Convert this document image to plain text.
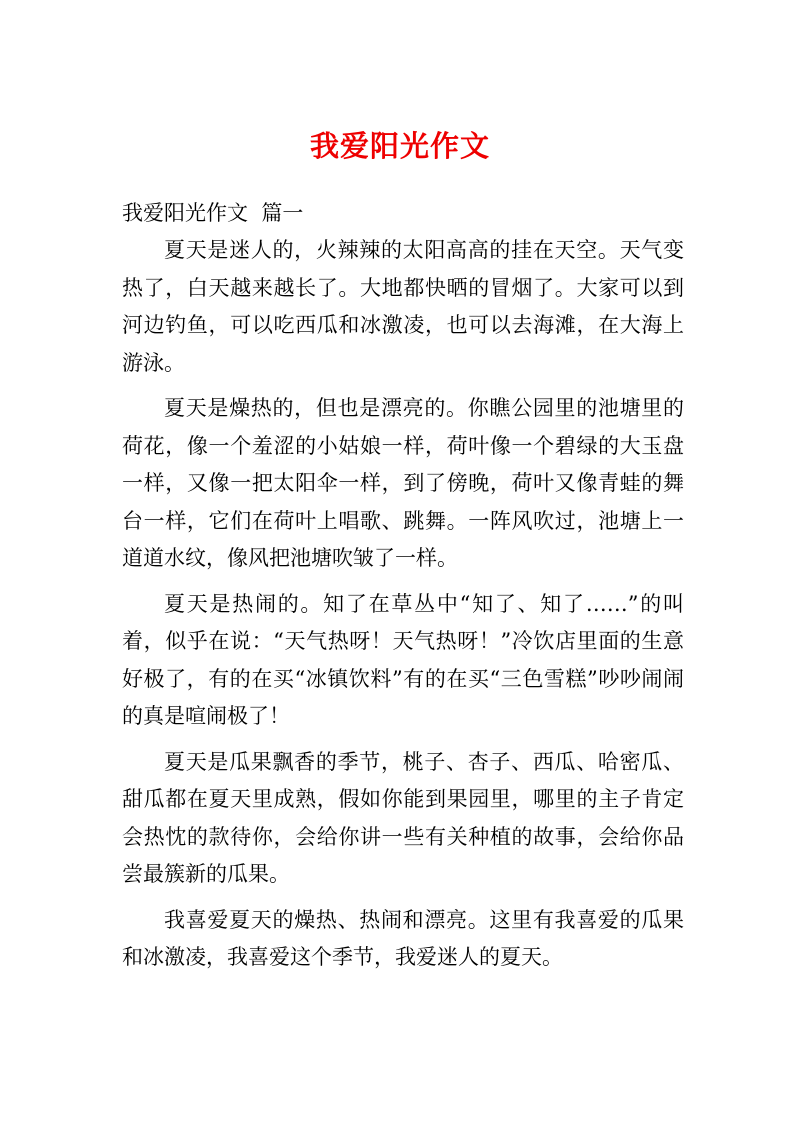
我爱阳光作文
我爱阳光作文  篇一

夏天是迷人的，火辣辣的太阳高高的挂在天空。天气变热了，白天越来越长了。大地都快晒的冒烟了。大家可以到河边钓鱼，可以吃西瓜和冰激凌，也可以去海滩，在大海上游泳。

夏天是燥热的，但也是漂亮的。你瞧公园里的池塘里的荷花，像一个羞涩的小姑娘一样，荷叶像一个碧绿的大玉盘一样，又像一把太阳伞一样，到了傍晚，荷叶又像青蛙的舞台一样，它们在荷叶上唱歌、跳舞。一阵风吹过，池塘上一道道水纹，像风把池塘吹皱了一样。

夏天是热闹的。知了在草丛中“知了、知了……”的叫着，似乎在说：“天气热呀！天气热呀！”冷饮店里面的生意好极了，有的在买“冰镇饮料”有的在买“三色雪糕”吵吵闹闹的真是喧闹极了！

夏天是瓜果飘香的季节，桃子、杏子、西瓜、哈密瓜、甜瓜都在夏天里成熟，假如你能到果园里，哪里的主子肯定会热忱的款待你，会给你讲一些有关种植的故事，会给你品尝最簇新的瓜果。

我喜爱夏天的燥热、热闹和漂亮。这里有我喜爱的瓜果和冰激凌，我喜爱这个季节，我爱迷人的夏天。
